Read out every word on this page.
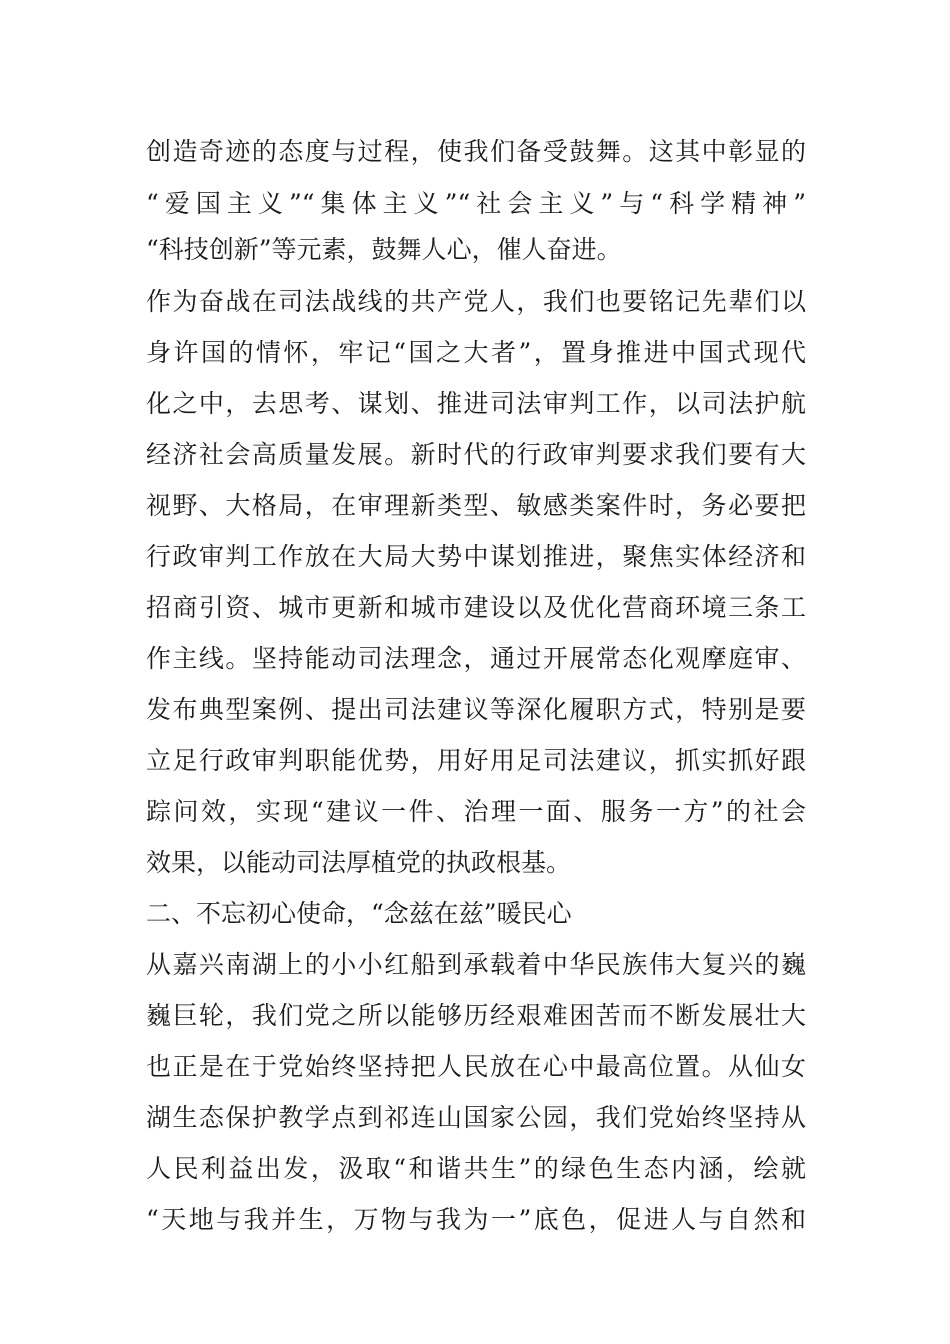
创造奇迹的态度与过程，使我们备受鼓舞。这其中彰显的
“爱国主义”“集体主义”“社会主义”与“科学精神”
“科技创新”等元素，鼓舞人心，催人奋进。
作为奋战在司法战线的共产党人，我们也要铭记先辈们以
身许国的情怀，牢记“国之大者”，置身推进中国式现代
化之中，去思考、谋划、推进司法审判工作，以司法护航
经济社会高质量发展。新时代的行政审判要求我们要有大
视野、大格局，在审理新类型、敏感类案件时，务必要把
行政审判工作放在大局大势中谋划推进，聚焦实体经济和
招商引资、城市更新和城市建设以及优化营商环境三条工
作主线。坚持能动司法理念，通过开展常态化观摩庭审、
发布典型案例、提出司法建议等深化履职方式，特别是要
立足行政审判职能优势，用好用足司法建议，抓实抓好跟
踪问效，实现“建议一件、治理一面、服务一方”的社会
效果，以能动司法厚植党的执政根基。
二、不忘初心使命，“念兹在兹”暖民心
从嘉兴南湖上的小小红船到承载着中华民族伟大复兴的巍
巍巨轮，我们党之所以能够历经艰难困苦而不断发展壮大
也正是在于党始终坚持把人民放在心中最高位置。从仙女
湖生态保护教学点到祁连山国家公园，我们党始终坚持从
人民利益出发，汲取“和谐共生”的绿色生态内涵，绘就
“天地与我并生，万物与我为一”底色，促进人与自然和
